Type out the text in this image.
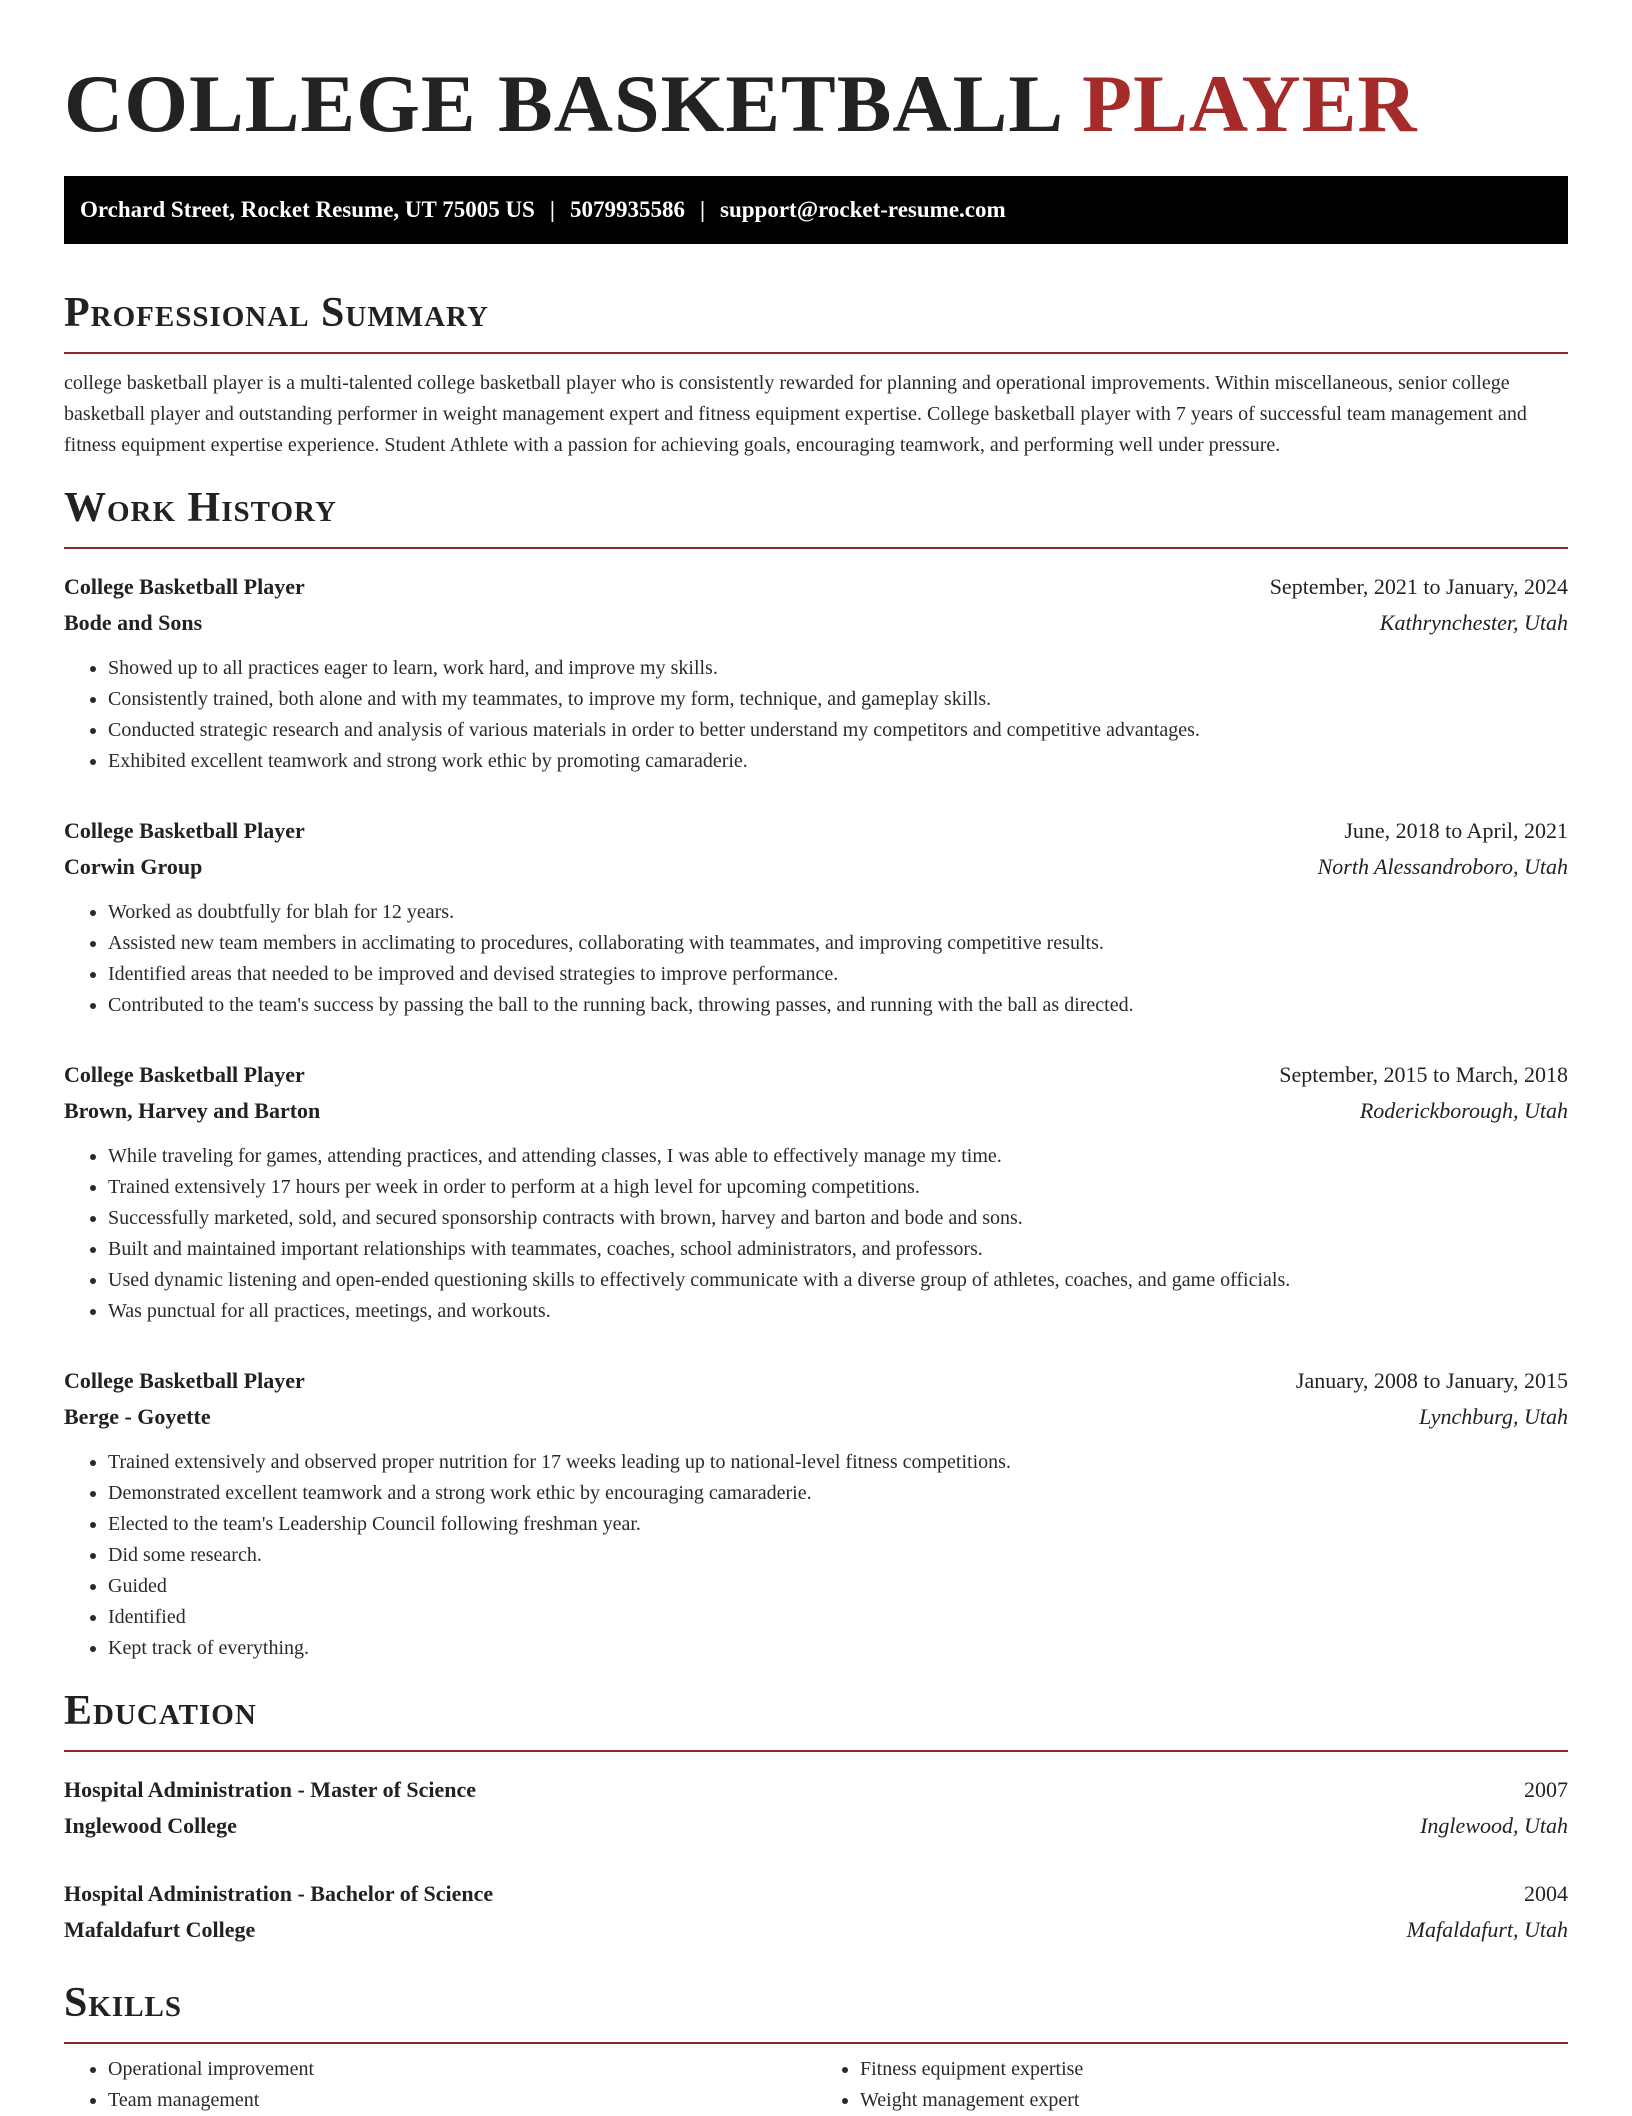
COLLEGE BASKETBALL PLAYER
Orchard Street, Rocket Resume, UT 75005 US | 5079935586 | support@rocket-resume.com
Professional Summary

college basketball player is a multi-talented college basketball player who is consistently rewarded for planning and operational improvements. Within miscellaneous, senior college basketball player and outstanding performer in weight management expert and fitness equipment expertise. College basketball player with 7 years of successful team management and fitness equipment expertise experience. Student Athlete with a passion for achieving goals, encouraging teamwork, and performing well under pressure.

Work History
College Basketball Player	September, 2021 to January, 2024
Bode and Sons	Kathrynchester, Utah
• Showed up to all practices eager to learn, work hard, and improve my skills.
• Consistently trained, both alone and with my teammates, to improve my form, technique, and gameplay skills.
• Conducted strategic research and analysis of various materials in order to better understand my competitors and competitive advantages.
• Exhibited excellent teamwork and strong work ethic by promoting camaraderie.
College Basketball Player	June, 2018 to April, 2021
Corwin Group	North Alessandroboro, Utah
• Worked as doubtfully for blah for 12 years.
• Assisted new team members in acclimating to procedures, collaborating with teammates, and improving competitive results.
• Identified areas that needed to be improved and devised strategies to improve performance.
• Contributed to the team's success by passing the ball to the running back, throwing passes, and running with the ball as directed.
College Basketball Player	September, 2015 to March, 2018
Brown, Harvey and Barton	Roderickborough, Utah
• While traveling for games, attending practices, and attending classes, I was able to effectively manage my time.
• Trained extensively 17 hours per week in order to perform at a high level for upcoming competitions.
• Successfully marketed, sold, and secured sponsorship contracts with brown, harvey and barton and bode and sons.
• Built and maintained important relationships with teammates, coaches, school administrators, and professors.
• Used dynamic listening and open-ended questioning skills to effectively communicate with a diverse group of athletes, coaches, and game officials.
• Was punctual for all practices, meetings, and workouts.
College Basketball Player	January, 2008 to January, 2015
Berge - Goyette	Lynchburg, Utah
• Trained extensively and observed proper nutrition for 17 weeks leading up to national-level fitness competitions.
• Demonstrated excellent teamwork and a strong work ethic by encouraging camaraderie.
• Elected to the team's Leadership Council following freshman year.
• Did some research.
• Guided
• Identified
• Kept track of everything.
Education
Hospital Administration - Master of Science	2007
Inglewood College	Inglewood, Utah
Hospital Administration - Bachelor of Science	2004
Mafaldafurt College	Mafaldafurt, Utah
Skills
• Operational improvement
• Team management
• Fitness equipment expertise
• Weight management expert
